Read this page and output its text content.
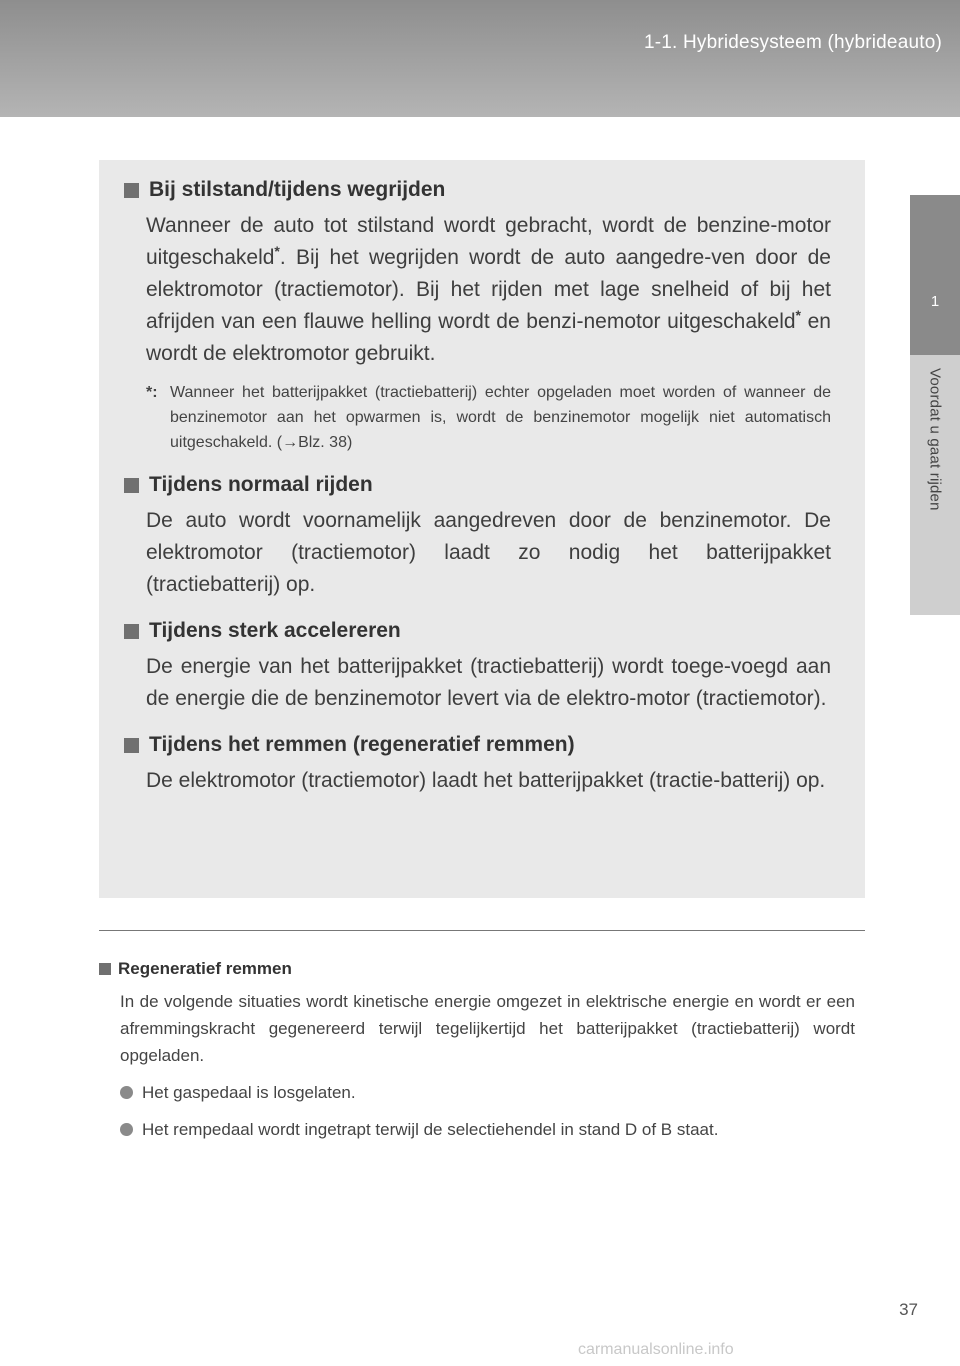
1-1. Hybridesysteem (hybrideauto)
1
Voordat u gaat rijden
Bij stilstand/tijdens wegrijden

Wanneer de auto tot stilstand wordt gebracht, wordt de benzine-motor uitgeschakeld*. Bij het wegrijden wordt de auto aangedre-ven door de elektromotor (tractiemotor). Bij het rijden met lage snelheid of bij het afrijden van een flauwe helling wordt de benzi-nemotor uitgeschakeld* en wordt de elektromotor gebruikt.

*: Wanneer het batterijpakket (tractiebatterij) echter opgeladen moet worden of wanneer de benzinemotor aan het opwarmen is, wordt de benzinemotor mogelijk niet automatisch uitgeschakeld. (→Blz. 38)
Tijdens normaal rijden

De auto wordt voornamelijk aangedreven door de benzinemotor. De elektromotor (tractiemotor) laadt zo nodig het batterijpakket (tractiebatterij) op.

Tijdens sterk accelereren

De energie van het batterijpakket (tractiebatterij) wordt toege-voegd aan de energie die de benzinemotor levert via de elektro-motor (tractiemotor).

Tijdens het remmen (regeneratief remmen)

De elektromotor (tractiemotor) laadt het batterijpakket (tractie-batterij) op.

Regeneratief remmen
In de volgende situaties wordt kinetische energie omgezet in elektrische energie en wordt er een afremmingskracht gegenereerd terwijl tegelijkertijd het batterijpakket (tractiebatterij) wordt opgeladen.
Het gaspedaal is losgelaten.
Het rempedaal wordt ingetrapt terwijl de selectiehendel in stand D of B staat.
37
carmanualsonline.info
